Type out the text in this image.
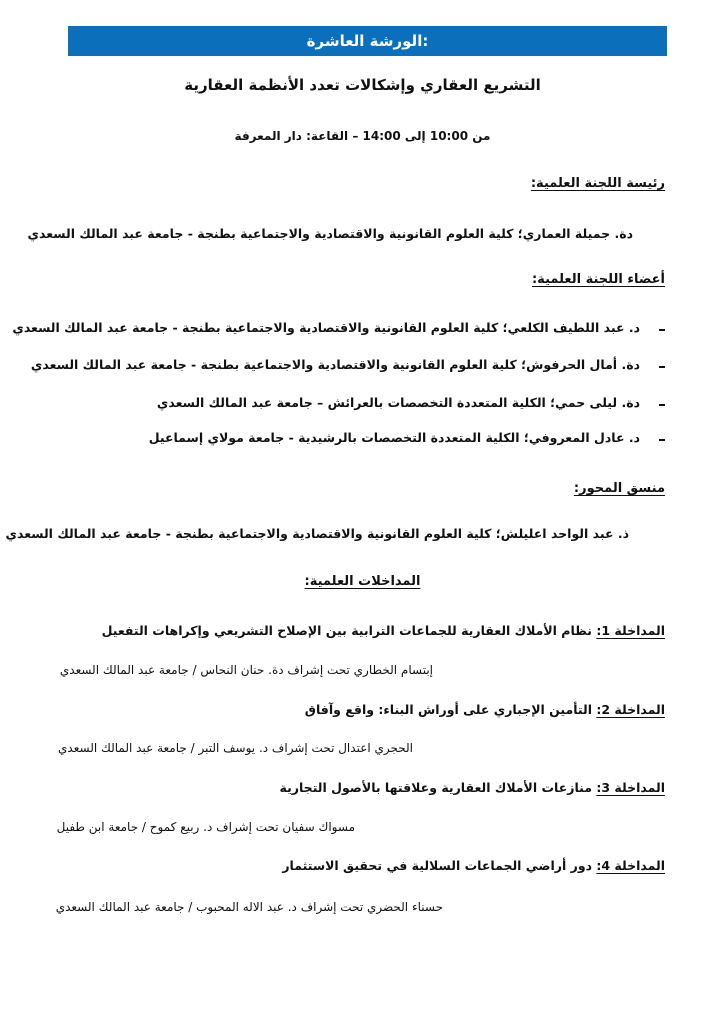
الورشة العاشرة:
التشريع العقاري وإشكالات تعدد الأنظمة العقارية
من 10:00 إلى 14:00 – القاعة: دار المعرفة
رئيسة اللجنة العلمية:
دة. جميلة العماري؛ كلية العلوم القانونية والاقتصادية والاجتماعية بطنجة - جامعة عبد المالك السعدي
أعضاء اللجنة العلمية:
د. عبد اللطيف الكلعي؛ كلية العلوم القانونية والاقتصادية والاجتماعية بطنجة - جامعة عبد المالك السعدي
دة. أمال الحرفوش؛ كلية العلوم القانونية والاقتصادية والاجتماعية بطنجة - جامعة عبد المالك السعدي
دة. ليلى حمي؛ الكلية المتعددة التخصصات بالعرائش – جامعة عبد المالك السعدي
د. عادل المعروفي؛ الكلية المتعددة التخصصات بالرشيدية - جامعة مولاي إسماعيل
منسق المحور:
ذ. عبد الواحد اعليلش؛ كلية العلوم القانونية والاقتصادية والاجتماعية بطنجة - جامعة عبد المالك السعدي
المداخلات العلمية:
المداخلة 1: نظام الأملاك العقارية للجماعات الترابية بين الإصلاح التشريعي وإكراهات التفعيل
إبتسام الخطاري تحت إشراف دة. حنان النحاس / جامعة عبد المالك السعدي
المداخلة 2: التأمين الإجباري على أوراش البناء: واقع وآفاق
الحجري اعتدال تحت إشراف د. يوسف التبر / جامعة عبد المالك السعدي
المداخلة 3: منازعات الأملاك العقارية وعلاقتها بالأصول التجارية
مسواك سفيان تحت إشراف د. ربيع كموح / جامعة ابن طفيل
المداخلة 4: دور أراضي الجماعات السلالية في تحقيق الاستثمار
حسناء الحضري تحت إشراف د. عبد الاله المحبوب / جامعة عبد المالك السعدي
